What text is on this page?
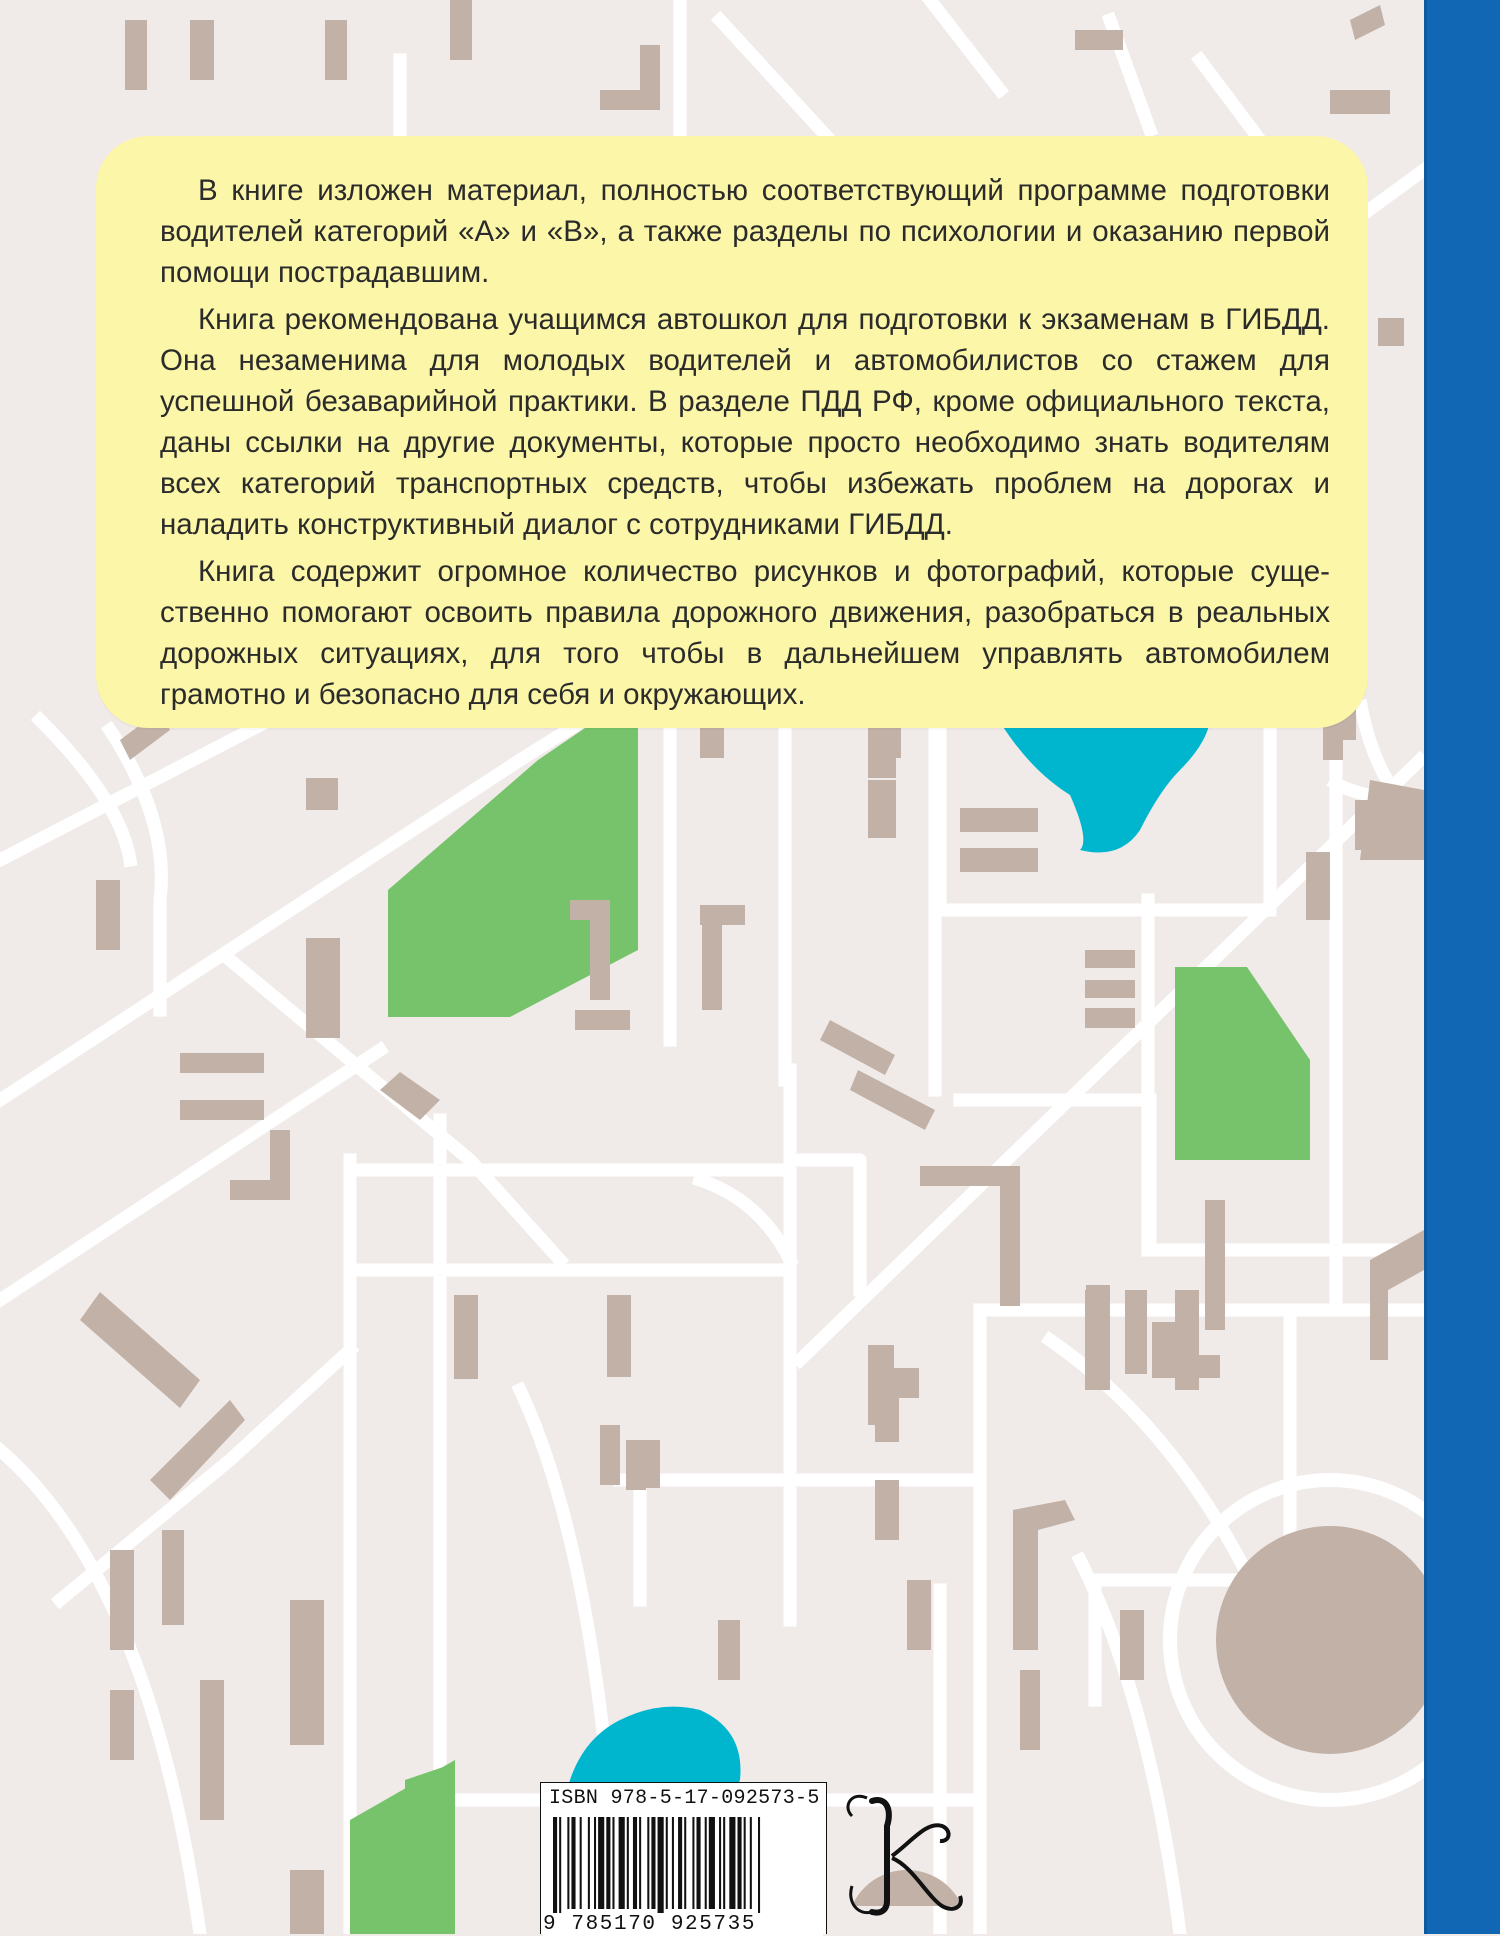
В книге изложен материал, полностью соответствующий программе подготовки водителей категорий «А» и «В», а также разделы по психологии и оказанию первой помощи пострадавшим.

Книга рекомендована учащимся автошкол для подготовки к экзаменам в ГИБДД. Она незаменима для молодых водителей и автомобилистов со стажем для успешной безаварийной практики. В разделе ПДД РФ, кроме официального текста, даны ссылки на другие документы, которые просто необходимо знать водителям всех категорий транспортных средств, чтобы избежать проблем на дорогах и наладить конструктивный диалог с сотрудниками ГИБДД.

Книга содержит огромное количество рисунков и фотографий, которые существенно помогают освоить правила дорожного движения, разобраться в реальных дорожных ситуациях, для того чтобы в дальнейшем управлять автомобилем грамотно и безопасно для себя и окружающих.

ISBN 978-5-17-092573-5
9 785170 925735
